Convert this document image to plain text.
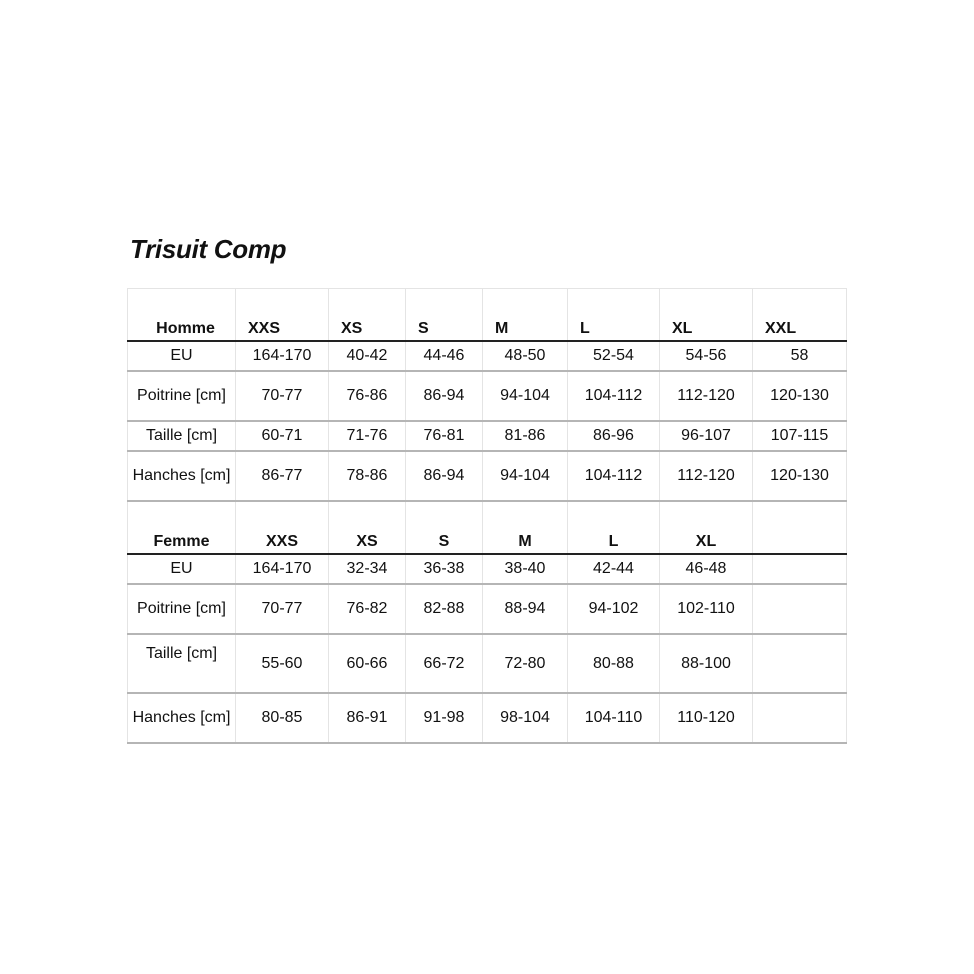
Trisuit Comp
Homme	XXS	XS	S	M	L	XL	XXL
EU	164-170	40-42	44-46	48-50	52-54	54-56	58
Poitrine [cm]	70-77	76-86	86-94	94-104	104-112	112-120	120-130
Taille [cm]	60-71	71-76	76-81	81-86	86-96	96-107	107-115
Hanches [cm]	86-77	78-86	86-94	94-104	104-112	112-120	120-130
Femme	XXS	XS	S	M	L	XL	
EU	164-170	32-34	36-38	38-40	42-44	46-48	
Poitrine [cm]	70-77	76-82	82-88	88-94	94-102	102-110	
Taille [cm]	55-60	60-66	66-72	72-80	80-88	88-100	
Hanches [cm]	80-85	86-91	91-98	98-104	104-110	110-120	
